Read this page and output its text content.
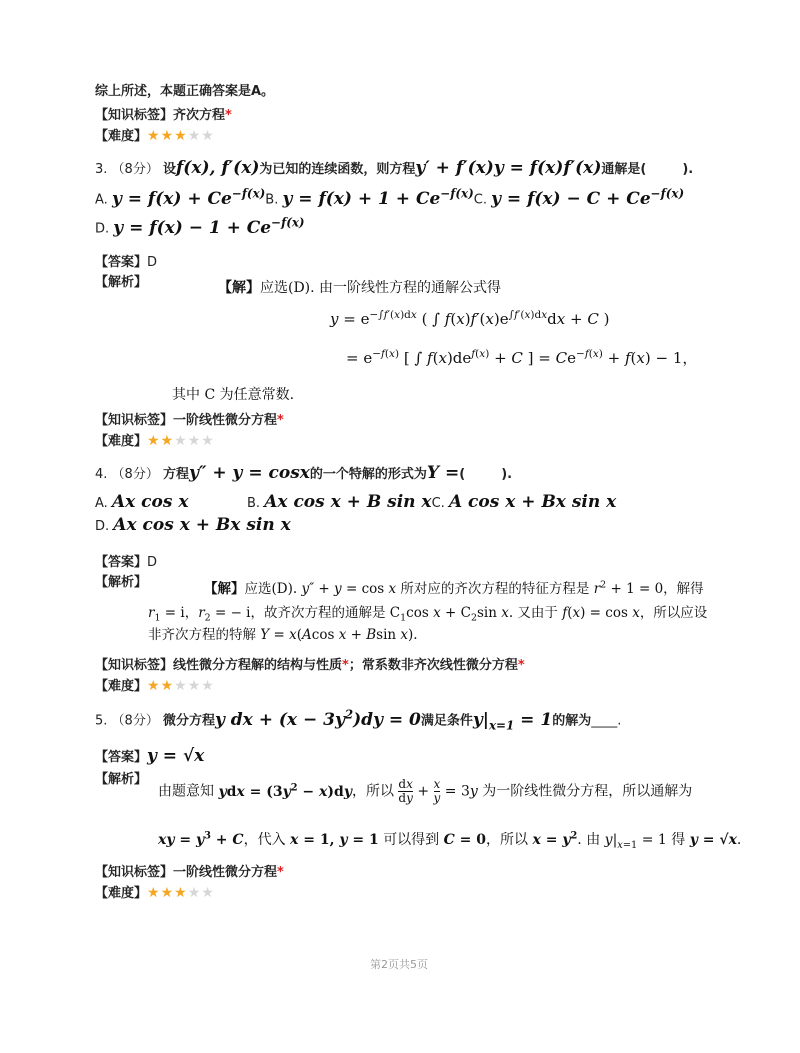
综上所述，本题正确答案是A。
【知识标签】齐次方程*
【难度】★★★★★
3. （8分） 设f(x), f′(x)为已知的连续函数，则方程y′ + f′(x)y = f(x)f′(x)通解是(	).
A. $y = f(x) + Ce^{-f(x)}B$. $y = f(x) + 1 + Ce^{-f(x)}C$. $y = f(x) - C + Ce^{-f(x)}$
D. $y = f(x) - 1 + Ce^{-f(x)}$
【答案】D
【解析】	【解】应选(D). 由一阶线性方程的通解公式得
$y = e^{-\int f'(x)dx}$ ( ∫ $f(x)f'(x)e^{\int f'(x)dx}dx + C$ )
= $e^{-f(x)}$ [ ∫ $f(x)de^{f(x)} + C$ ] = $Ce^{-f(x)} + f(x) - 1$，
其中 C 为任意常数.
【知识标签】一阶线性微分方程*
【难度】★★★★★
4. （8分） 方程y″ + y = cosx的一个特解的形式为Y =(	).
A. Ax cos x	B. Ax cos x + B sin xC. A cos x + Bx sin x
D. Ax cos x + Bx sin x
【答案】D
【解析】	【解】应选(D). y″ + y = cos x 所对应的齐次方程的特征方程是 $r^2 + 1 = 0$，解得
$r_1 = i$，$r_2$ = − i，故齐次方程的通解是 $C_1\cos$ $x + C_2\sin$ x. 又由于 f(x) = cos x，所以应设
非齐次方程的特解 Y = x(Acos x + Bsin x).
【知识标签】线性微分方程解的结构与性质*；常系数非齐次线性微分方程*
【难度】★★★★★
5. （8分） 微分方程y dx + $(x - 3y^2)dy = 0$满足条件$y|_{x=1} = 1$的解为____.
【答案】y = √x
【解析】
由题意知 ydx = $(3y^2 - x)dy$，所以 $\frac{dx}{dy} + \frac{x}{y} = 3y$ 为一阶线性微分方程，所以通解为
xy = $y^3 + C$，代入 x = 1, y = 1 可以得到 C = 0，所以 $x = y^2$. 由 $y|_{x=1} = 1$ 得 y = √x.
【知识标签】一阶线性微分方程*
【难度】★★★★★
第2页共5页
